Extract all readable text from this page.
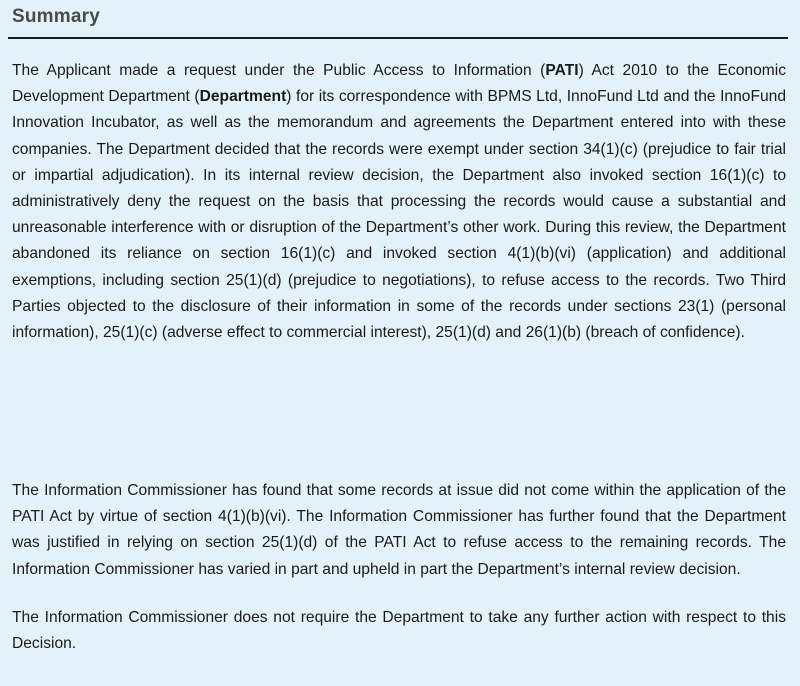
Summary

The Applicant made a request under the Public Access to Information (PATI) Act 2010 to the Economic Development Department (Department) for its correspondence with BPMS Ltd, InnoFund Ltd and the InnoFund Innovation Incubator, as well as the memorandum and agreements the Department entered into with these companies. The Department decided that the records were exempt under section 34(1)(c) (prejudice to fair trial or impartial adjudication). In its internal review decision, the Department also invoked section 16(1)(c) to administratively deny the request on the basis that processing the records would cause a substantial and unreasonable interference with or disruption of the Department’s other work. During this review, the Department abandoned its reliance on section 16(1)(c) and invoked section 4(1)(b)(vi) (application) and additional exemptions, including section 25(1)(d) (prejudice to negotiations), to refuse access to the records. Two Third Parties objected to the disclosure of their information in some of the records under sections 23(1) (personal information), 25(1)(c) (adverse effect to commercial interest), 25(1)(d) and 26(1)(b) (breach of confidence).

The Information Commissioner has found that some records at issue did not come within the application of the PATI Act by virtue of section 4(1)(b)(vi). The Information Commissioner has further found that the Department was justified in relying on section 25(1)(d) of the PATI Act to refuse access to the remaining records. The Information Commissioner has varied in part and upheld in part the Department’s internal review decision.

The Information Commissioner does not require the Department to take any further action with respect to this Decision.
